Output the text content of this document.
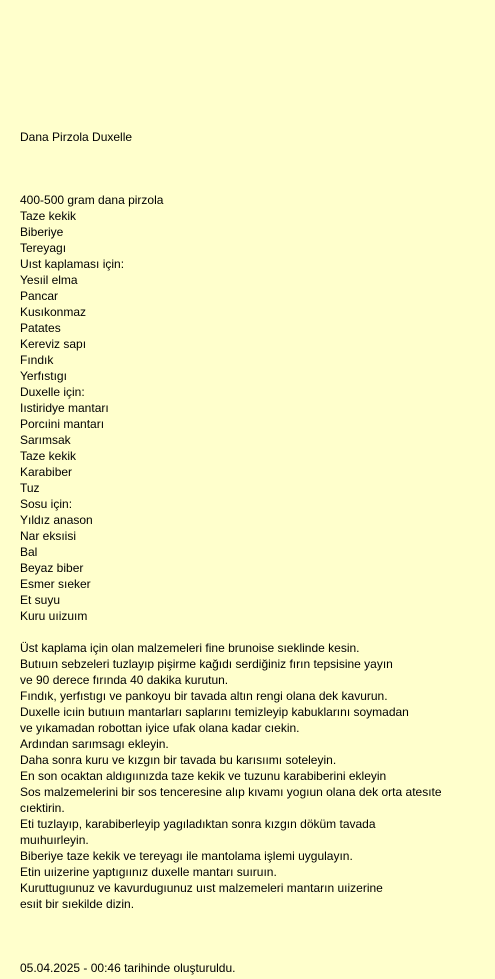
Dana Pirzola Duxelle
400-500 gram dana pirzola
Taze kekik
Biberiye
Tereyagı
Uıst kaplaması için:
Yesıil elma
Pancar
Kusıkonmaz
Patates
Kereviz sapı
Fındık
Yerfıstıgı
Duxelle için:
Iıstiridye mantarı
Porcıini mantarı
Sarımsak
Taze kekik
Karabiber
Tuz
Sosu için:
Yıldız anason
Nar eksıisi
Bal
Beyaz biber
Esmer sıeker
Et suyu
Kuru uıizuım
Üst kaplama için olan malzemeleri fine brunoise sıeklinde kesin.
Butıuın sebzeleri tuzlayıp pişirme kağıdı serdiğiniz fırın tepsisine yayın
ve 90 derece fırında 40 dakika kurutun.
Fındık, yerfıstıgı ve pankoyu bir tavada altın rengi olana dek kavurun.
Duxelle icıin butıuın mantarları saplarını temizleyip kabuklarını soymadan
ve yıkamadan robottan iyice ufak olana kadar cıekin.
Ardından sarımsagı ekleyin.
Daha sonra kuru ve kızgın bir tavada bu karısıımı soteleyin.
En son ocaktan aldıgıınızda taze kekik ve tuzunu karabiberini ekleyin
Sos malzemelerini bir sos tenceresine alıp kıvamı yogıun olana dek orta atesıte
cıektirin.
Eti tuzlayıp, karabiberleyip yagıladıktan sonra kızgın döküm tavada
muıhuırleyin.
Biberiye taze kekik ve tereyagı ile mantolama işlemi uygulayın.
Etin uıizerine yaptıgıınız duxelle mantarı suıruın.
Kuruttugıunuz ve kavurdugıunuz uıst malzemeleri mantarın uıizerine
esıit bir sıekilde dizin.
05.04.2025 - 00:46 tarihinde oluşturuldu.
